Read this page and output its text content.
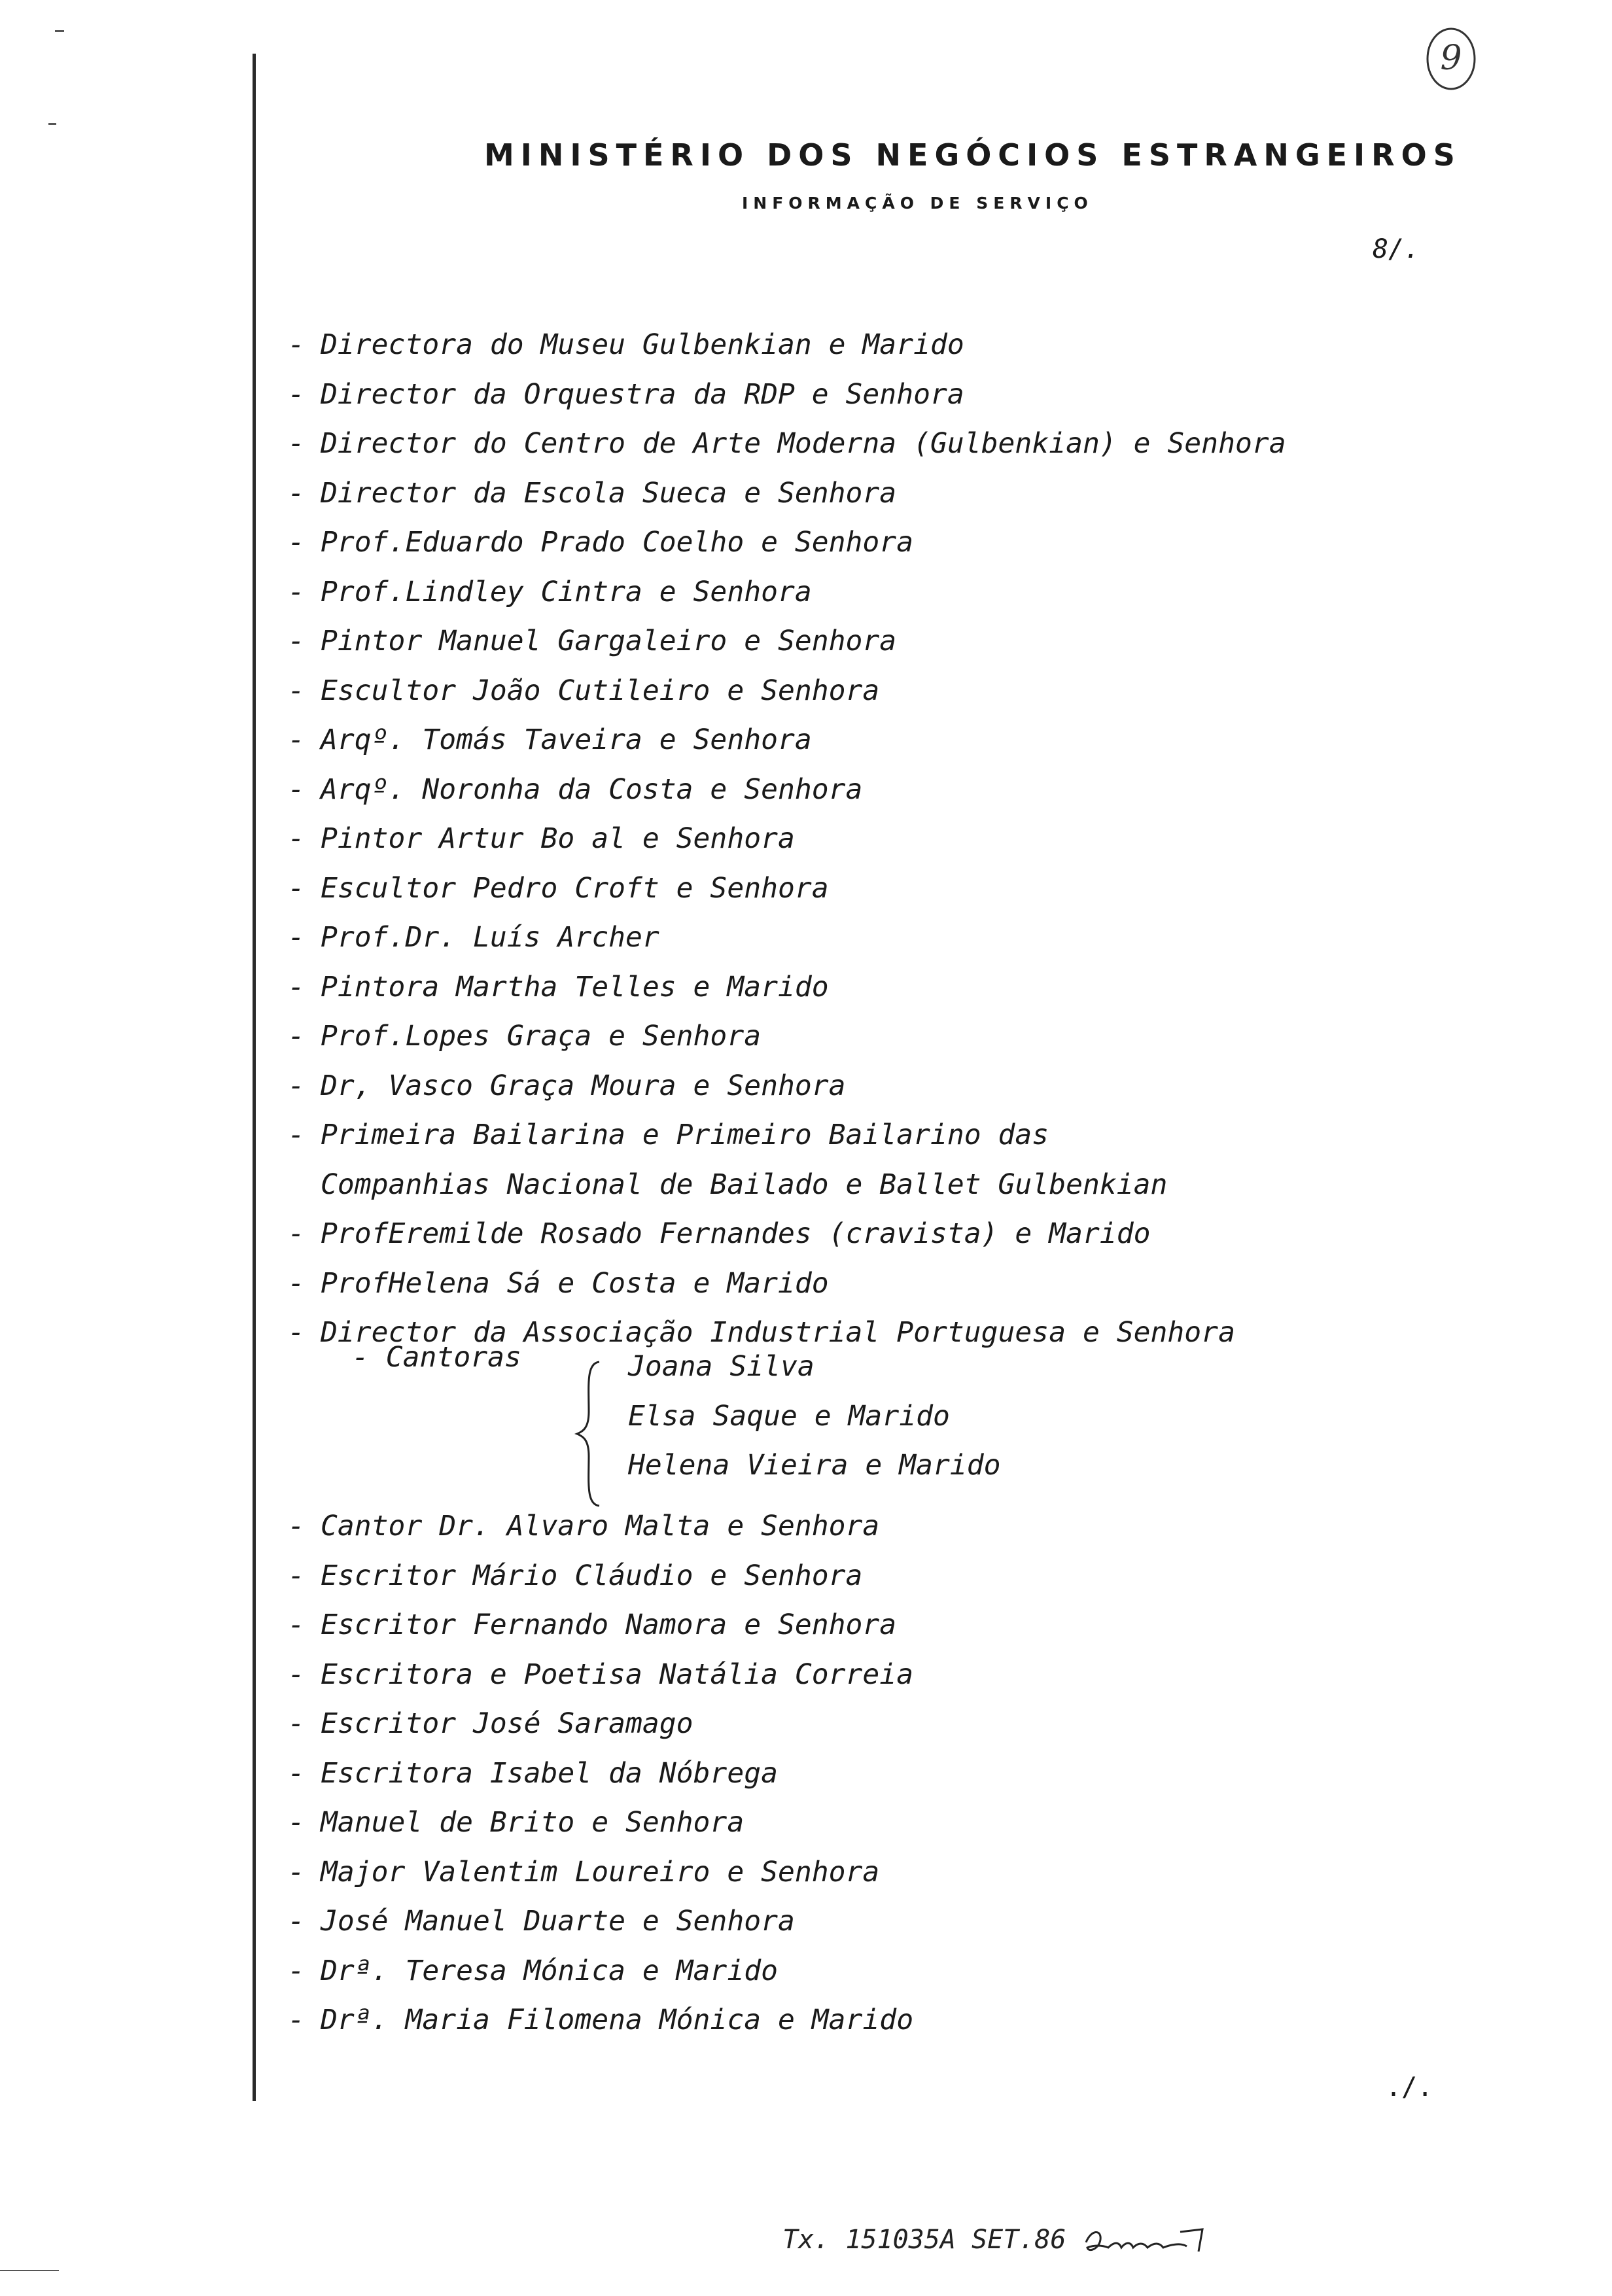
9
MINISTÉRIO DOS NEGÓCIOS ESTRANGEIROS
INFORMAÇÃO DE SERVIÇO
8/.
- Directora do Museu Gulbenkian e Marido
- Director da Orquestra da RDP e Senhora
- Director do Centro de Arte Moderna (Gulbenkian) e Senhora
- Director da Escola Sueca e Senhora
- Prof.Eduardo Prado Coelho e Senhora
- Prof.Lindley Cintra e Senhora
- Pintor Manuel Gargaleiro e Senhora
- Escultor João Cutileiro e Senhora
- Arqº. Tomás Taveira e Senhora
- Arqº. Noronha da Costa e Senhora
- Pintor Artur Bo al e Senhora
- Escultor Pedro Croft e Senhora
- Prof.Dr. Luís Archer
- Pintora Martha Telles e Marido
- Prof.Lopes Graça e Senhora
- Dr, Vasco Graça Moura e Senhora
- Primeira Bailarina e Primeiro Bailarino das
Companhias Nacional de Bailado e Ballet Gulbenkian
- ProfEremilde Rosado Fernandes (cravista) e Marido
- ProfHelena Sá e Costa e Marido
- Director da Associação Industrial Portuguesa e Senhora
- Cantoras	Joana Silva
Elsa Saque e Marido
Helena Vieira e Marido
- Cantor Dr. Alvaro Malta e Senhora
- Escritor Mário Cláudio e Senhora
- Escritor Fernando Namora e Senhora
- Escritora e Poetisa Natália Correia
- Escritor José Saramago
- Escritora Isabel da Nóbrega
- Manuel de Brito e Senhora
- Major Valentim Loureiro e Senhora
- José Manuel Duarte e Senhora
- Drª. Teresa Mónica e Marido
- Drª. Maria Filomena Mónica e Marido
./.
Tx. 151035A SET.86
